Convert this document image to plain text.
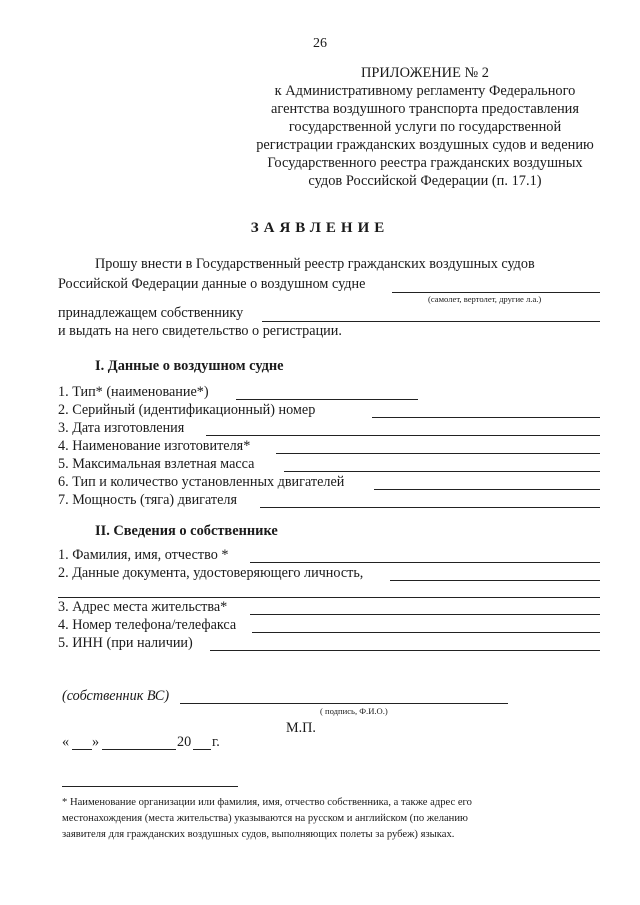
26
ПРИЛОЖЕНИЕ № 2
к Административному регламенту Федерального
агентства воздушного транспорта предоставления
государственной услуги по государственной
регистрации гражданских воздушных судов и ведению
Государственного реестра гражданских воздушных
судов Российской Федерации (п. 17.1)
ЗАЯВЛЕНИЕ
Прошу внести в Государственный реестр гражданских воздушных судов
Российской Федерации данные о воздушном судне
(самолет, вертолет, другие л.а.)
принадлежащем собственнику
и выдать на него свидетельство о регистрации.
I. Данные о воздушном судне
1. Тип* (наименование*)
2. Серийный (идентификационный) номер
3. Дата изготовления
4. Наименование изготовителя*
5. Максимальная взлетная масса
6. Тип и количество установленных двигателей
7. Мощность (тяга) двигателя
II. Сведения о собственнике
1. Фамилия, имя, отчество *
2. Данные документа, удостоверяющего личность,
3. Адрес места жительства*
4. Номер телефона/телефакса
5. ИНН (при наличии)
(собственник ВС)
( подпись, Ф.И.О.)
М.П.
« »	20 г.
* Наименование организации или фамилия, имя, отчество собственника, а также адрес его
местонахождения (места жительства) указываются на русском и английском (по желанию
заявителя для гражданских воздушных судов, выполняющих полеты за рубеж) языках.
